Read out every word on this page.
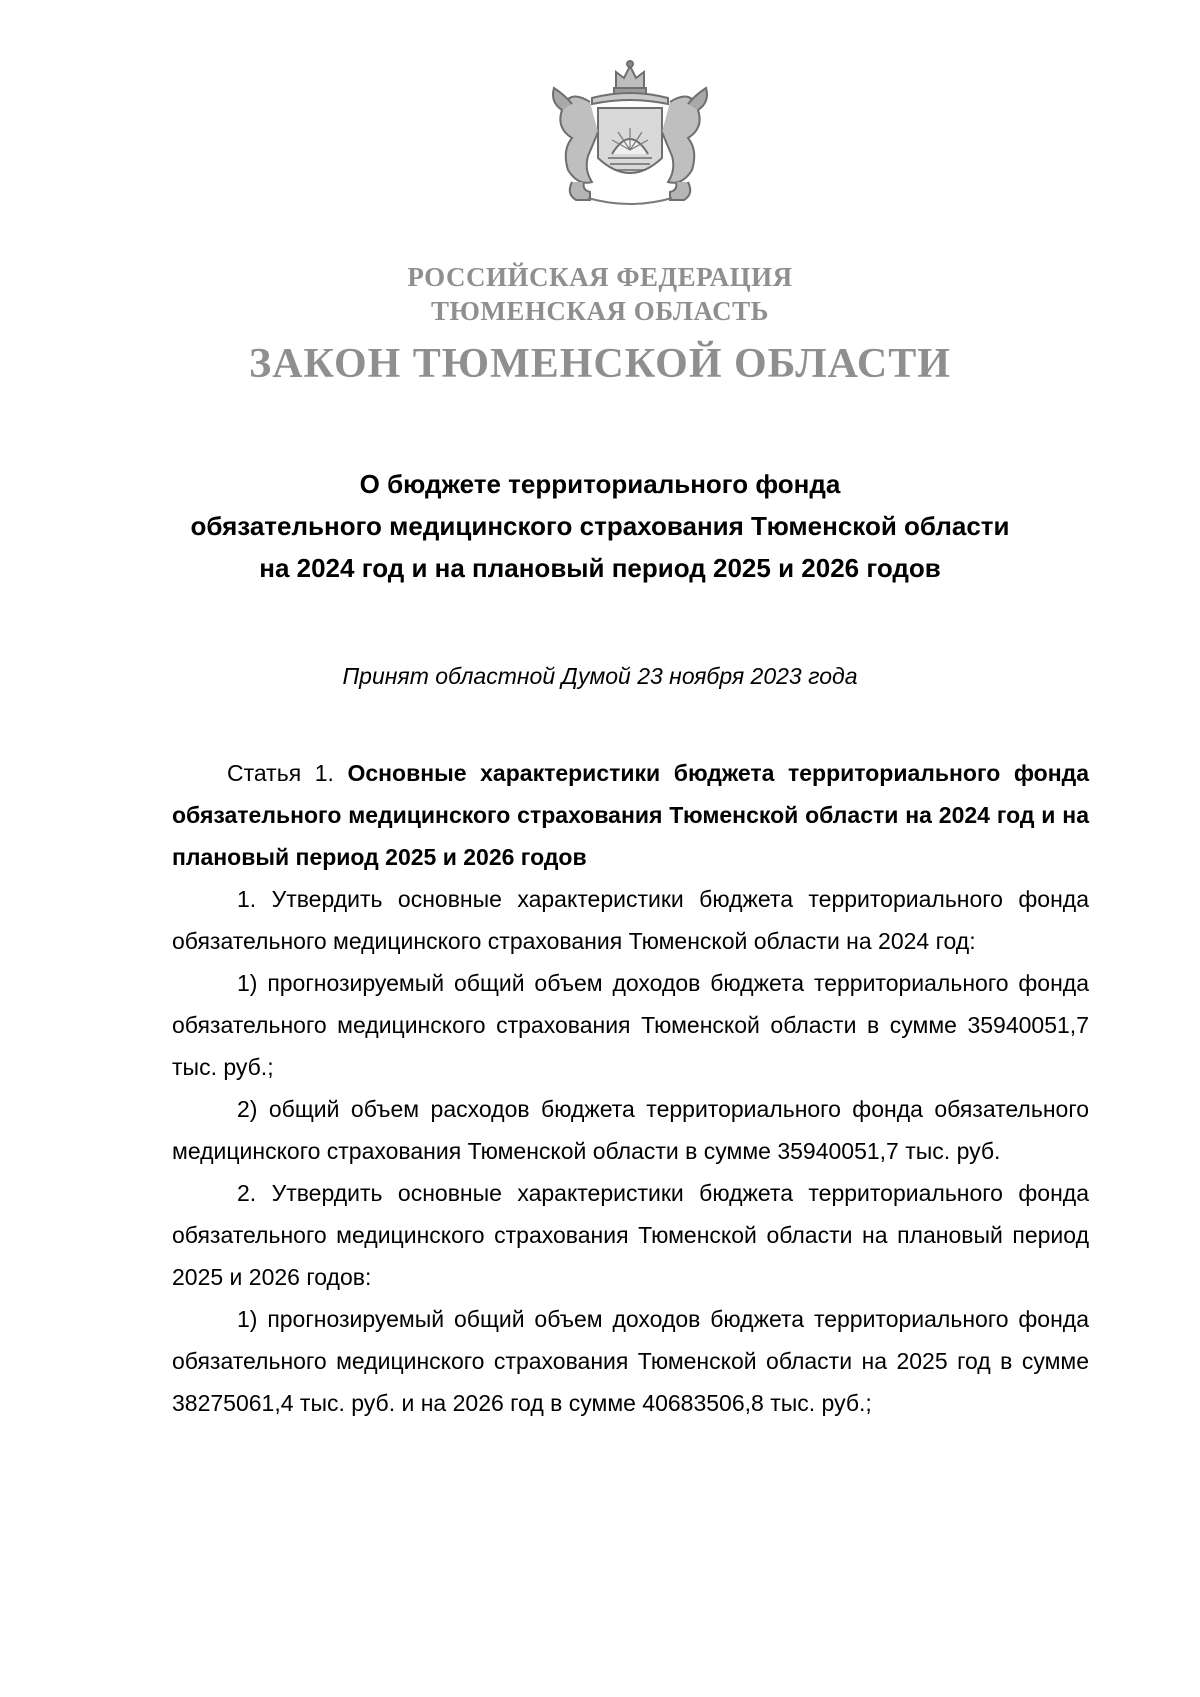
РОССИЙСКАЯ ФЕДЕРАЦИЯ

ТЮМЕНСКАЯ ОБЛАСТЬ

ЗАКОН ТЮМЕНСКОЙ ОБЛАСТИ

О бюджете территориального фонда
обязательного медицинского страхования Тюменской области
на 2024 год и на плановый период 2025 и 2026 годов

Принят областной Думой 23 ноября 2023 года

Статья 1. Основные характеристики бюджета территориального фонда обязательного медицинского страхования Тюменской области на 2024 год и на плановый период 2025 и 2026 годов

1. Утвердить основные характеристики бюджета территориального фонда обязательного медицинского страхования Тюменской области на 2024 год:

1) прогнозируемый общий объем доходов бюджета территориального фонда обязательного медицинского страхования Тюменской области в сумме 35940051,7 тыс. руб.;

2) общий объем расходов бюджета территориального фонда обязательного медицинского страхования Тюменской области в сумме 35940051,7 тыс. руб.

2. Утвердить основные характеристики бюджета территориального фонда обязательного медицинского страхования Тюменской области на плановый период 2025 и 2026 годов:

1) прогнозируемый общий объем доходов бюджета территориального фонда обязательного медицинского страхования Тюменской области на 2025 год в сумме 38275061,4 тыс. руб. и на 2026 год в сумме 40683506,8 тыс. руб.;
